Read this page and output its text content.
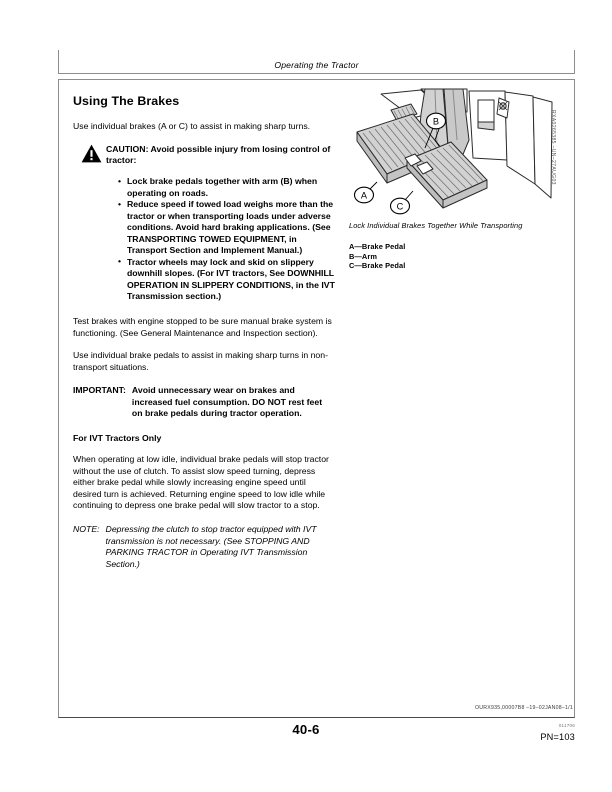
Operating the Tractor
Using The Brakes

Use individual brakes (A or C) to assist in making sharp turns.

CAUTION: Avoid possible injury from losing control of tractor:

• Lock brake pedals together with arm (B) when operating on roads.
• Reduce speed if towed load weighs more than the tractor or when transporting loads under adverse conditions. Avoid hard braking applications. (See TRANSPORTING TOWED EQUIPMENT, in Transport Section and Implement Manual.)
• Tractor wheels may lock and skid on slippery downhill slopes. (For IVT tractors, See DOWNHILL OPERATION IN SLIPPERY CONDITIONS, in the IVT Transmission section.)

Test brakes with engine stopped to be sure manual brake system is functioning. (See General Maintenance and Inspection section).

Use individual brake pedals to assist in making sharp turns in non-transport situations.

IMPORTANT: Avoid unnecessary wear on brakes and increased fuel consumption. DO NOT rest feet on brake pedals during tractor operation.

For IVT Tractors Only

When operating at low idle, individual brake pedals will stop tractor without the use of clutch. To assist slow speed turning, depress either brake pedal while slowly increasing engine speed until desired turn is achieved. Returning engine speed to low idle while continuing to depress one brake pedal will slow tractor to a stop.

NOTE: Depressing the clutch to stop tractor equipped with IVT transmission is not necessary. (See STOPPING AND PARKING TRACTOR in Operating IVT Transmission Section.)
A
B
C
Lock Individual Brakes Together While Transporting
A—Brake Pedal
B—Arm
C—Brake Pedal
RXA0265385 –UN–27AUG03
OURX935,00007B8 –19–02JAN08–1/1
40-6	011706
PN=103
